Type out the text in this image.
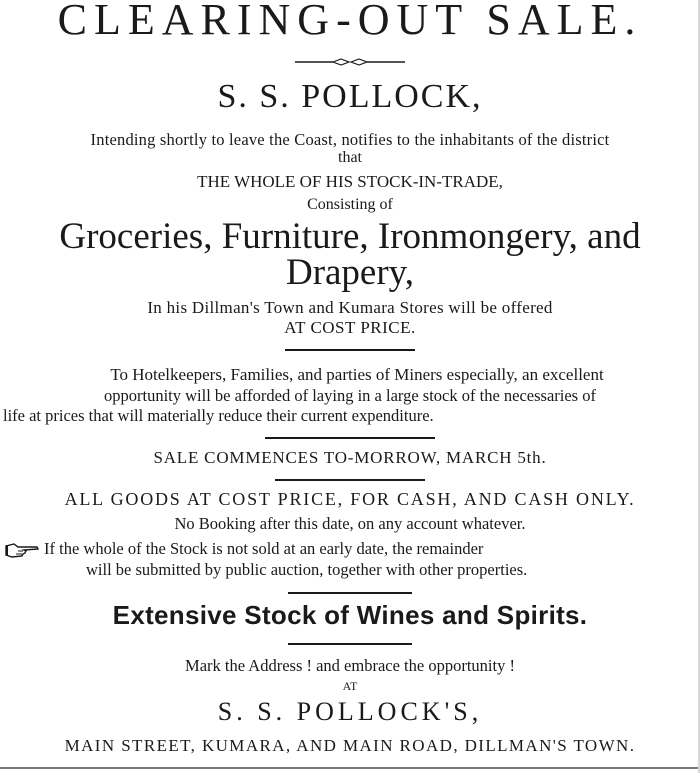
CLEARING-OUT SALE.
S. S. POLLOCK,
Intending shortly to leave the Coast, notifies to the inhabitants of the district
that
THE WHOLE OF HIS STOCK-IN-TRADE,
Consisting of
Groceries, Furniture, Ironmongery, and
Drapery,
In his Dillman's Town and Kumara Stores will be offered
AT COST PRICE.
To Hotelkeepers, Families, and parties of Miners especially, an excellent
opportunity will be afforded of laying in a large stock of the necessaries of
life at prices that will materially reduce their current expenditure.
SALE COMMENCES TO-MORROW, MARCH 5th.
ALL GOODS AT COST PRICE, FOR CASH, AND CASH ONLY.
No Booking after this date, on any account whatever.
If the whole of the Stock is not sold at an early date, the remainder
will be submitted by public auction, together with other properties.
Extensive Stock of Wines and Spirits.
Mark the Address ! and embrace the opportunity !
AT
S. S. POLLOCK'S,
MAIN STREET, KUMARA, AND MAIN ROAD, DILLMAN'S TOWN.
